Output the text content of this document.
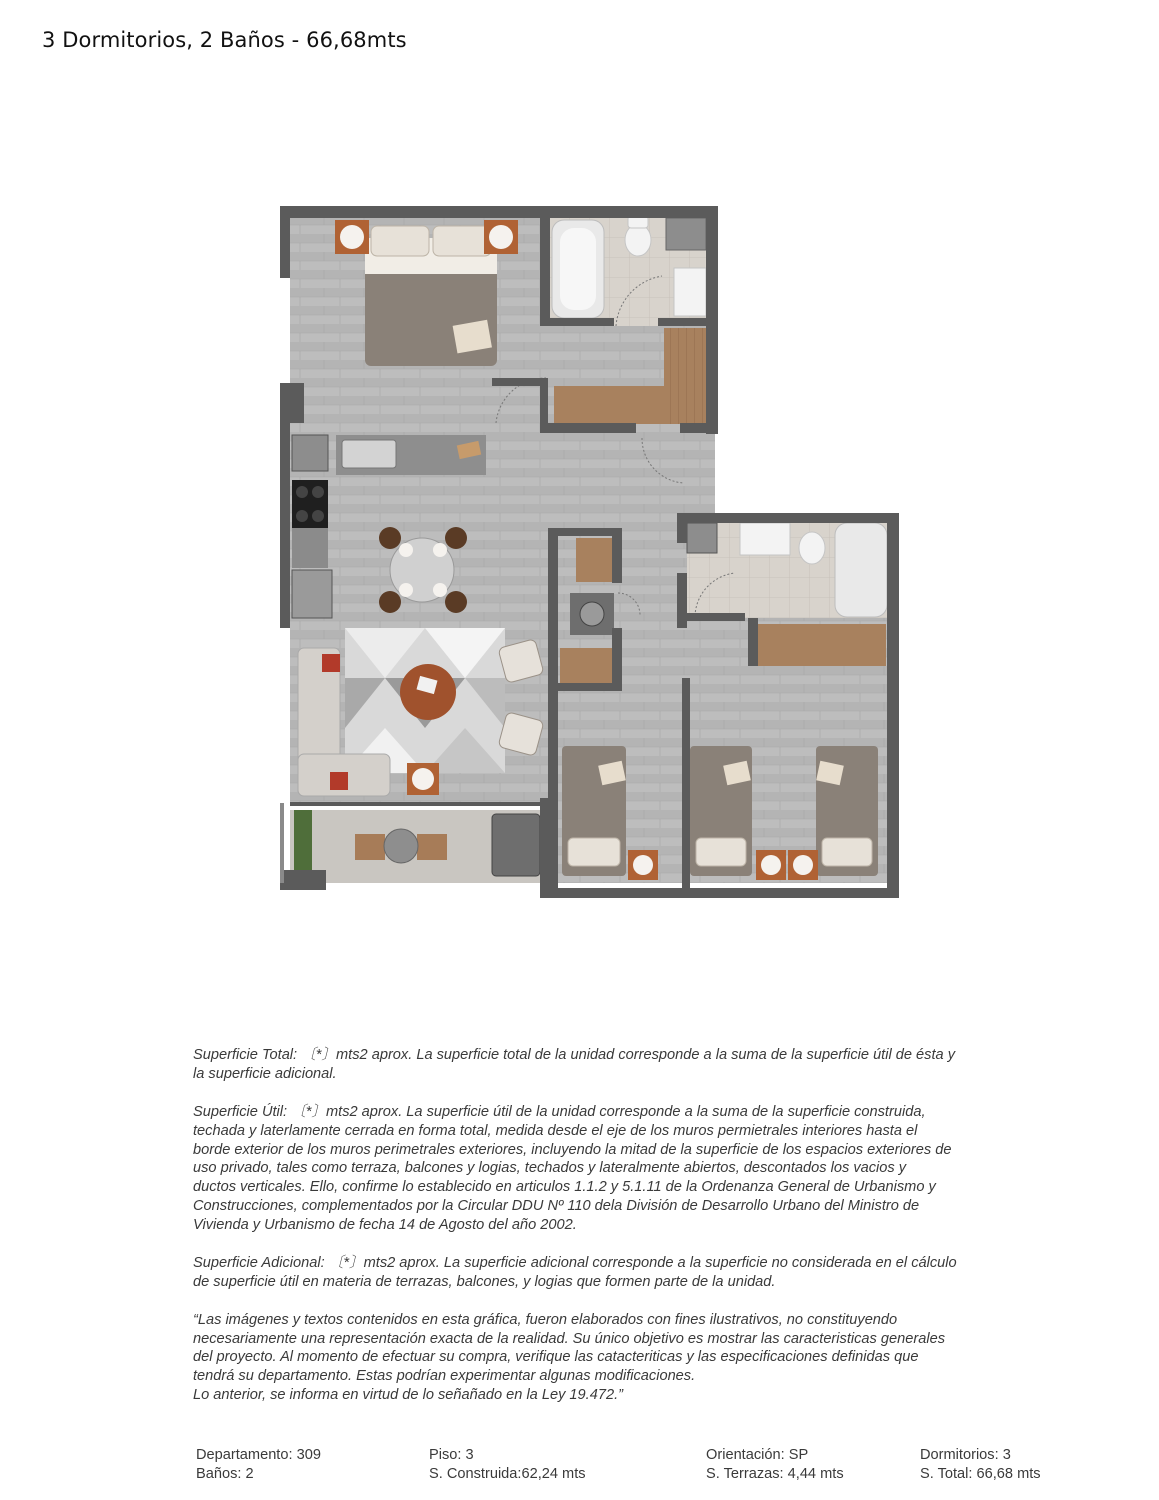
3 Dormitorios, 2 Baños - 66,68mts

Superficie Total: 〔*〕mts2 aprox. La superficie total de la unidad corresponde a la suma de la superficie útil de ésta y
la superficie adicional.

Superficie Útil: 〔*〕mts2 aprox. La superficie útil de la unidad corresponde a la suma de la superficie construida,
techada y laterlamente cerrada en forma total, medida desde el eje de los muros permietrales interiores hasta el
borde exterior de los muros perimetrales exteriores, incluyendo la mitad de la superficie de los espacios exteriores de
uso privado, tales como terraza, balcones y logias, techados y lateralmente abiertos, descontados los vacios y
ductos verticales. Ello, confirme lo establecido en articulos 1.1.2 y 5.1.11 de la Ordenanza General de Urbanismo y
Construcciones, complementados por la Circular DDU Nº 110 dela División de Desarrollo Urbano del Ministro de
Vivienda y Urbanismo de fecha 14 de Agosto del año 2002.

Superficie Adicional: 〔*〕mts2 aprox. La superficie adicional corresponde a la superficie no considerada en el cálculo
de superficie útil en materia de terrazas, balcones, y logias que formen parte de la unidad.

“Las imágenes y textos contenidos en esta gráfica, fueron elaborados con fines ilustrativos, no constituyendo
necesariamente una representación exacta de la realidad. Su único objetivo es mostrar las caracteristicas generales
del proyecto. Al momento de efectuar su compra, verifique las catacteriticas y las especificaciones definidas que
tendrá su departamento. Estas podrían experimentar algunas modificaciones.
Lo anterior, se informa en virtud de lo señañado en la Ley 19.472.”

Departamento: 309
Baños: 2
Piso: 3
S. Construida:62,24 mts
Orientación: SP
S. Terrazas: 4,44 mts
Dormitorios: 3
S. Total: 66,68 mts
